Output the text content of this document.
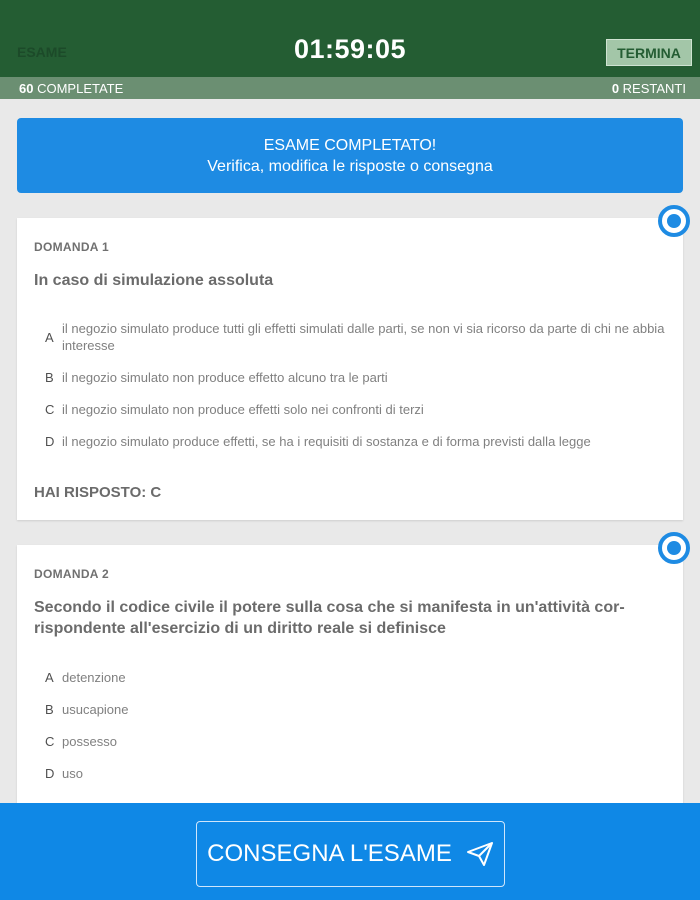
ESAME	01:59:05	TERMINA
60 COMPLETATE	0 RESTANTI
ESAME COMPLETATO!
Verifica, modifica le risposte o consegna
DOMANDA 1
In caso di simulazione assoluta
A
il negozio simulato produce tutti gli effetti simulati dalle parti, se non vi sia ricorso da parte di chi ne abbia interesse
B il negozio simulato non produce effetto alcuno tra le parti
C il negozio simulato non produce effetti solo nei confronti di terzi
D il negozio simulato produce effetti, se ha i requisiti di sostanza e di forma previsti dalla legge
HAI RISPOSTO: C
DOMANDA 2
Secondo il codice civile il potere sulla cosa che si manifesta in un'attività cor-rispondente all'esercizio di un diritto reale si definisce
A detenzione
B usucapione
C possesso
D uso
CONSEGNA L'ESAME
